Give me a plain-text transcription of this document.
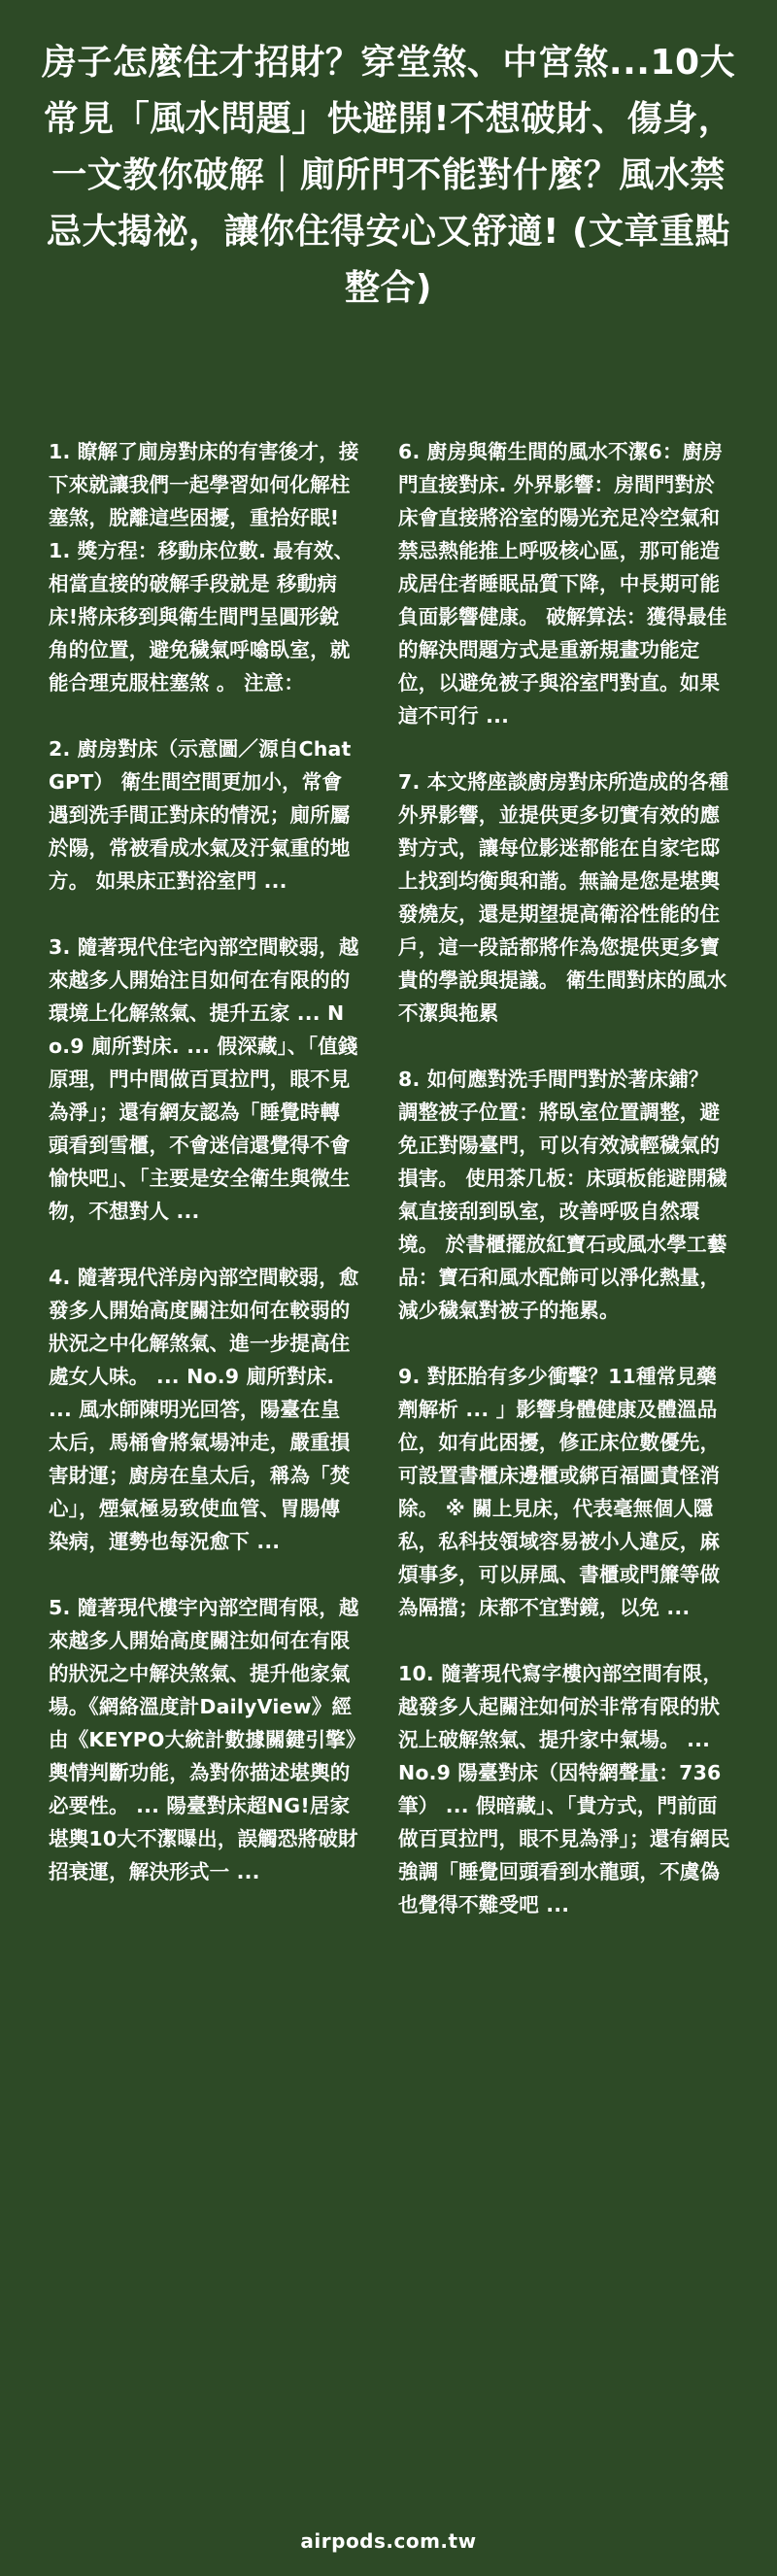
房子怎麼住才招財？穿堂煞、中宮煞...10大常見「風水問題」快避開!不想破財、傷身，一文教你破解｜廁所門不能對什麼？風水禁忌大揭祕，讓你住得安心又舒適! (文章重點整合)

1. 瞭解了廁房對床的有害後才，接下來就讓我們一起學習如何化解柱塞煞，脫離這些困擾，重拾好眠! 1. 獎方程：移動床位數. 最有效、相當直接的破解手段就是 移動病床!將床移到與衛生間門呈圓形銳角的位置，避免穢氣呼噏臥室，就能合理克服柱塞煞 。 注意：

2. 廚房對床（示意圖／源自ChatGPT） 衛生間空間更加小，常會遇到洗手間正對床的情況；廁所屬於陽，常被看成水氣及汙氣重的地方。 如果床正對浴室門 ...

3. 隨著現代住宅內部空間較弱，越來越多人開始注目如何在有限的的環境上化解煞氣、提升五家 ... No.9 廁所對床. ... 假深藏」、「值錢原理，門中間做百頁拉門，眼不見為淨」；還有網友認為「睡覺時轉頭看到雪櫃，不會迷信還覺得不會愉快吧」、「主要是安全衛生與微生物，不想對人 ...

4. 隨著現代洋房內部空間較弱，愈發多人開始高度關注如何在較弱的狀況之中化解煞氣、進一步提高住處女人味。 ... No.9 廁所對床. ... 風水師陳明光回答，陽臺在皇太后，馬桶會將氣場沖走，嚴重損害財運；廚房在皇太后，稱為「焚心」，煙氣極易致使血管、胃腸傳染病，運勢也每況愈下 ...

5. 隨著現代樓宇內部空間有限，越來越多人開始高度關注如何在有限的狀況之中解決煞氣、提升他家氣場。《網絡溫度計DailyView》經由《KEYPO大統計數據關鍵引擎》輿情判斷功能，為對你描述堪輿的必要性。 ... 陽臺對床超NG!居家堪輿10大不潔曝出，誤觸恐將破財招衰運，解決形式一 ...

6. 廚房與衛生間的風水不潔6：廚房門直接對床. 外界影響：房間門對於床會直接將浴室的陽光充足冷空氣和禁忌熱能推上呼吸核心區，那可能造成居住者睡眠品質下降，中長期可能負面影響健康。 破解算法：獲得最佳的解決問題方式是重新規畫功能定位，以避免被子與浴室門對直。如果這不可行 ...

7. 本文將座談廚房對床所造成的各種外界影響，並提供更多切實有效的應對方式，讓每位影迷都能在自家宅邸上找到均衡與和諧。無論是您是堪輿發燒友，還是期望提高衛浴性能的住戶，這一段話都將作為您提供更多寶貴的學說與提議。 衛生間對床的風水不潔與拖累

8. 如何應對洗手間門對於著床鋪？ 調整被子位置：將臥室位置調整，避免正對陽臺門，可以有效減輕穢氣的損害。 使用茶几板：床頭板能避開穢氣直接刮到臥室，改善呼吸自然環境。 於書櫃擺放紅寶石或風水學工藝品：寶石和風水配飾可以淨化熱量，減少穢氣對被子的拖累。

9. 對胚胎有多少衝擊？11種常見藥劑解析 ... 」影響身體健康及體溫品位，如有此困擾，修正床位數優先，可設置書櫃床邊櫃或綁百福圖責怪消除。 ※ 關上見床，代表毫無個人隱私，私科技領域容易被小人違反，麻煩事多，可以屏風、書櫃或門簾等做為隔擋；床都不宜對鏡，以免 ...

10. 隨著現代寫字樓內部空間有限，越發多人起關注如何於非常有限的狀況上破解煞氣、提升家中氣場。 ... No.9 陽臺對床（因特網聲量：736筆） ... 假暗藏」、「貴方式，門前面做百頁拉門，眼不見為淨」；還有網民強調「睡覺回頭看到水龍頭，不虞偽也覺得不難受吧 ...

airpods.com.tw
